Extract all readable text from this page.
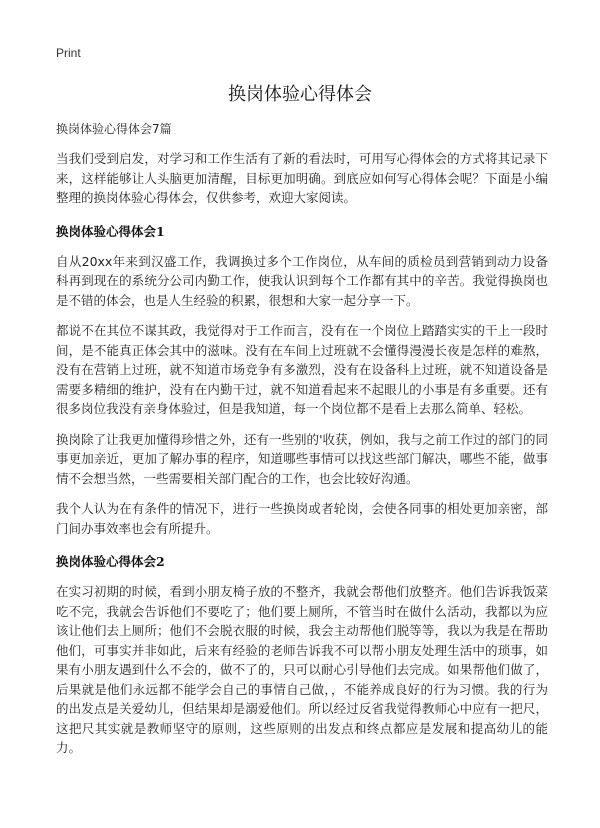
Print
换岗体验心得体会

换岗体验心得体会7篇

当我们受到启发，对学习和工作生活有了新的看法时，可用写心得体会的方式将其记录下来，这样能够让人头脑更加清醒，目标更加明确。到底应如何写心得体会呢？下面是小编整理的换岗体验心得体会，仅供参考，欢迎大家阅读。

换岗体验心得体会1

自从20xx年来到汉盛工作，我调换过多个工作岗位，从车间的质检员到营销到动力设备科再到现在的系统分公司内勤工作，使我认识到每个工作都有其中的辛苦。我觉得换岗也是不错的体会，也是人生经验的积累，很想和大家一起分享一下。

都说不在其位不谋其政，我觉得对于工作而言，没有在一个岗位上踏踏实实的干上一段时间，是不能真正体会其中的滋味。没有在车间上过班就不会懂得漫漫长夜是怎样的难熬，没有在营销上过班，就不知道市场竞争有多激烈，没有在设备科上过班，就不知道设备是需要多精细的维护，没有在内勤干过，就不知道看起来不起眼儿的小事是有多重要。还有很多岗位我没有亲身体验过，但是我知道，每一个岗位都不是看上去那么简单、轻松。

换岗除了让我更加懂得珍惜之外，还有一些别的'收获，例如，我与之前工作过的部门的同事更加亲近，更加了解办事的程序，知道哪些事情可以找这些部门解决，哪些不能，做事情不会想当然，一些需要相关部门配合的工作，也会比较好沟通。

我个人认为在有条件的情况下，进行一些换岗或者轮岗，会使各同事的相处更加亲密，部门间办事效率也会有所提升。

换岗体验心得体会2

在实习初期的时候，看到小朋友椅子放的不整齐，我就会帮他们放整齐。他们告诉我饭菜吃不完，我就会告诉他们不要吃了；他们要上厕所，不管当时在做什么活动，我都以为应该让他们去上厕所；他们不会脱衣服的时候，我会主动帮他们脱等等，我以为我是在帮助他们，可事实并非如此，后来有经验的老师告诉我不可以帮小朋友处理生活中的琐事，如果有小朋友遇到什么不会的，做不了的，只可以耐心引导他们去完成。如果帮他们做了，后果就是他们永远都不能学会自己的事情自己做，，不能养成良好的行为习惯。我的行为的出发点是关爱幼儿，但结果却是溺爱他们。所以经过反省我觉得教师心中应有一把尺，这把尺其实就是教师坚守的原则，这些原则的出发点和终点都应是发展和提高幼儿的能力。
